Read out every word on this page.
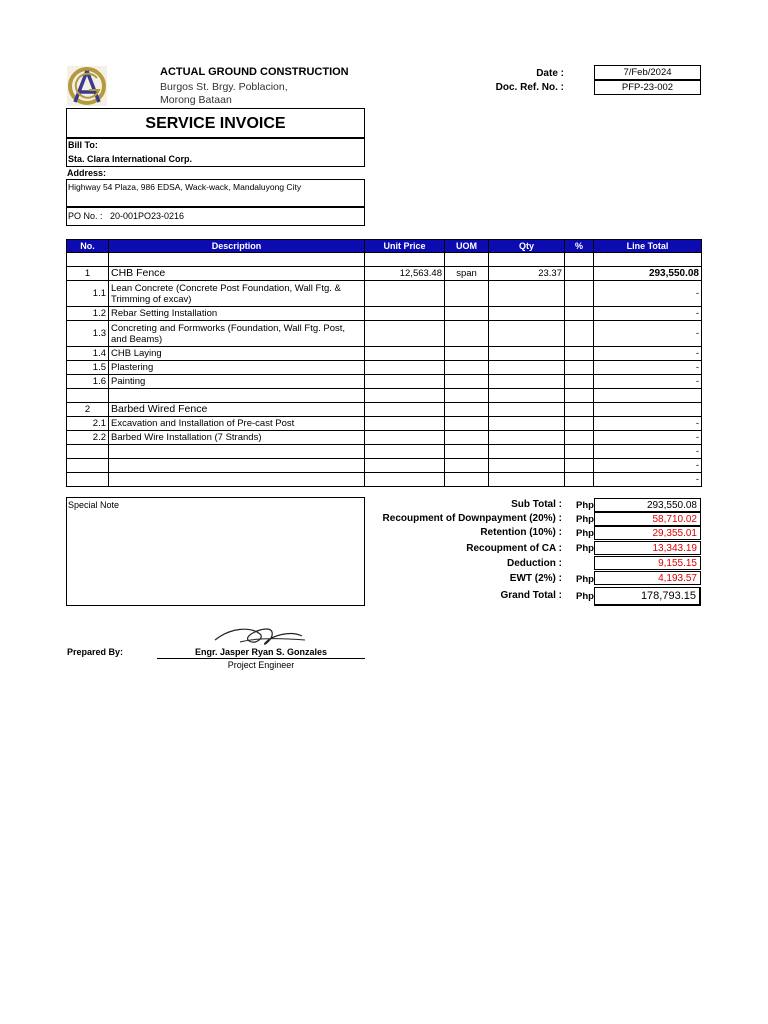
ACTUAL GROUND CONSTRUCTION
Burgos St. Brgy. Poblacion,
Morong Bataan
Date :	7/Feb/2024
Doc. Ref. No. :	PFP-23-002
SERVICE INVOICE
Bill To:
Sta. Clara International Corp.
Address:
Highway 54 Plaza, 986 EDSA, Wack-wack, Mandaluyong City
PO No. : 20-001PO23-0216
No.	Description	Unit Price	UOM	Qty	%	Line Total

1	CHB Fence	12,563.48	span	23.37		293,550.08
1.1	Lean Concrete (Concrete Post Foundation, Wall Ftg. & Trimming of excav)					-
1.2	Rebar Setting Installation					-
1.3	Concreting and Formworks (Foundation, Wall Ftg. Post, and Beams)					-
1.4	CHB Laying					-
1.5	Plastering					-
1.6	Painting					-

2	Barbed Wired Fence					
2.1	Excavation and Installation of Pre-cast Post					-
2.2	Barbed Wire Installation (7 Strands)					-
						-
						-
						-
Special Note	Sub Total : Php	293,550.08
Recoupment of Downpayment (20%) : Php	58,710.02
Retention (10%) : Php	29,355.01
Recoupment of CA : Php	13,343.19
Deduction :	9,155.15
EWT (2%) : Php	4,193.57
Grand Total : Php	178,793.15
Prepared By:	Engr. Jasper Ryan S. Gonzales
Project Engineer
